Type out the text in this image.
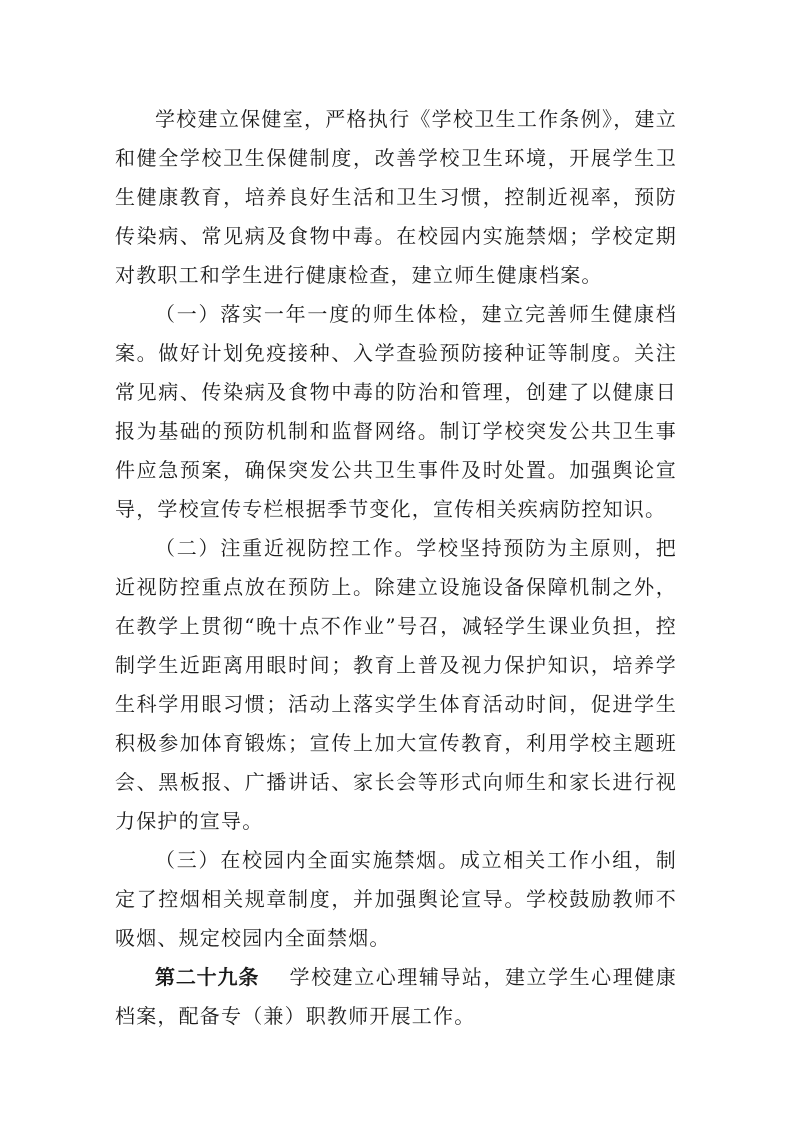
学校建立保健室，严格执行《学校卫生工作条例》，建立和健全学校卫生保健制度，改善学校卫生环境，开展学生卫生健康教育，培养良好生活和卫生习惯，控制近视率，预防传染病、常见病及食物中毒。在校园内实施禁烟；学校定期对教职工和学生进行健康检查，建立师生健康档案。

（一）落实一年一度的师生体检，建立完善师生健康档案。做好计划免疫接种、入学查验预防接种证等制度。关注常见病、传染病及食物中毒的防治和管理，创建了以健康日报为基础的预防机制和监督网络。制订学校突发公共卫生事件应急预案，确保突发公共卫生事件及时处置。加强舆论宣导，学校宣传专栏根据季节变化，宣传相关疾病防控知识。

（二）注重近视防控工作。学校坚持预防为主原则，把近视防控重点放在预防上。除建立设施设备保障机制之外，在教学上贯彻“晚十点不作业”号召，减轻学生课业负担，控制学生近距离用眼时间；教育上普及视力保护知识，培养学生科学用眼习惯；活动上落实学生体育活动时间，促进学生积极参加体育锻炼；宣传上加大宣传教育，利用学校主题班会、黑板报、广播讲话、家长会等形式向师生和家长进行视力保护的宣导。

（三）在校园内全面实施禁烟。成立相关工作小组，制定了控烟相关规章制度，并加强舆论宣导。学校鼓励教师不吸烟、规定校园内全面禁烟。

第二十九条 学校建立心理辅导站，建立学生心理健康档案，配备专（兼）职教师开展工作。
